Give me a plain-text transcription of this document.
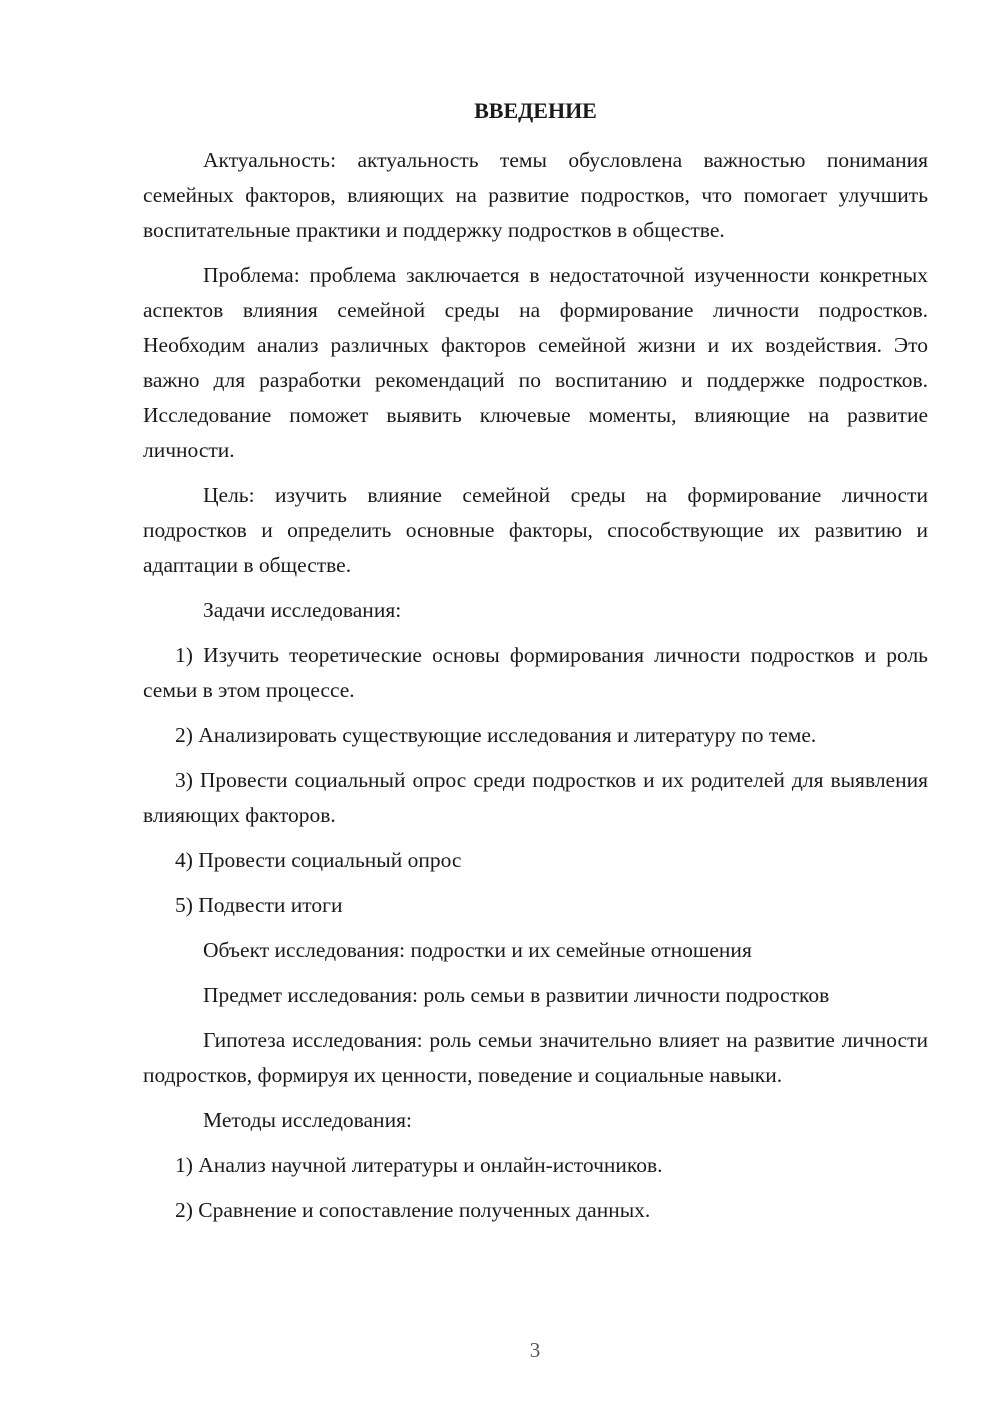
ВВЕДЕНИЕ

Актуальность: актуальность темы обусловлена важностью понимания семейных факторов, влияющих на развитие подростков, что помогает улучшить воспитательные практики и поддержку подростков в обществе.

Проблема: проблема заключается в недостаточной изученности конкретных аспектов влияния семейной среды на формирование личности подростков. Необходим анализ различных факторов семейной жизни и их воздействия. Это важно для разработки рекомендаций по воспитанию и поддержке подростков. Исследование поможет выявить ключевые моменты, влияющие на развитие личности.

Цель: изучить влияние семейной среды на формирование личности подростков и определить основные факторы, способствующие их развитию и адаптации в обществе.

Задачи исследования:

1) Изучить теоретические основы формирования личности подростков и роль семьи в этом процессе.

2) Анализировать существующие исследования и литературу по теме.

3) Провести социальный опрос среди подростков и их родителей для выявления влияющих факторов.

4) Провести социальный опрос

5) Подвести итоги

Объект исследования: подростки и их семейные отношения

Предмет исследования: роль семьи в развитии личности подростков

Гипотеза исследования: роль семьи значительно влияет на развитие личности подростков, формируя их ценности, поведение и социальные навыки.

Методы исследования:

1) Анализ научной литературы и онлайн-источников.

2) Сравнение и сопоставление полученных данных.

3
